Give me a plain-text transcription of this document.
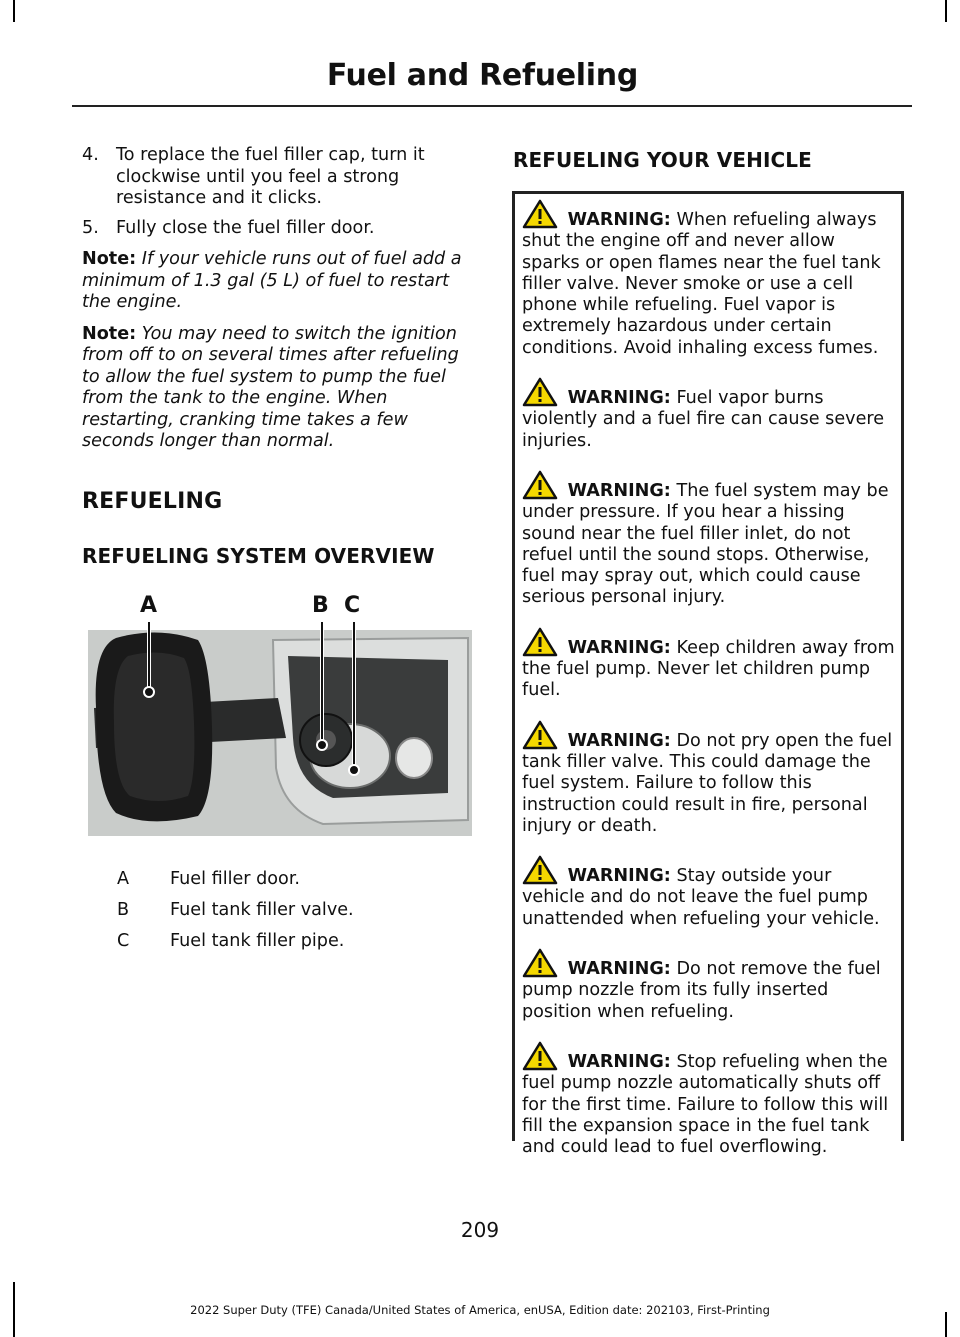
Fuel and Refueling
4. To replace the fuel filler cap, turn it clockwise until you feel a strong resistance and it clicks.
5. Fully close the fuel filler door.

Note: If your vehicle runs out of fuel add a minimum of 1.3 gal (5 L) of fuel to restart the engine.

Note: You may need to switch the ignition from off to on several times after refueling to allow the fuel system to pump the fuel from the tank to the engine. When restarting, cranking time takes a few seconds longer than normal.

REFUELING
REFUELING SYSTEM OVERVIEW
A	B C
A Fuel filler door.
B Fuel tank filler valve.
C Fuel tank filler pipe.
REFUELING YOUR VEHICLE

WARNING: When refueling always shut the engine off and never allow sparks or open flames near the fuel tank filler valve. Never smoke or use a cell phone while refueling. Fuel vapor is extremely hazardous under certain conditions. Avoid inhaling excess fumes.

WARNING: Fuel vapor burns violently and a fuel fire can cause severe injuries.

WARNING: The fuel system may be under pressure. If you hear a hissing sound near the fuel filler inlet, do not refuel until the sound stops. Otherwise, fuel may spray out, which could cause serious personal injury.

WARNING: Keep children away from the fuel pump. Never let children pump fuel.

WARNING: Do not pry open the fuel tank filler valve. This could damage the fuel system. Failure to follow this instruction could result in fire, personal injury or death.

WARNING: Stay outside your vehicle and do not leave the fuel pump unattended when refueling your vehicle.

WARNING: Do not remove the fuel pump nozzle from its fully inserted position when refueling.

WARNING: Stop refueling when the fuel pump nozzle automatically shuts off for the first time. Failure to follow this will fill the expansion space in the fuel tank and could lead to fuel overflowing.

209
2022 Super Duty (TFE) Canada/United States of America, enUSA, Edition date: 202103, First-Printing
